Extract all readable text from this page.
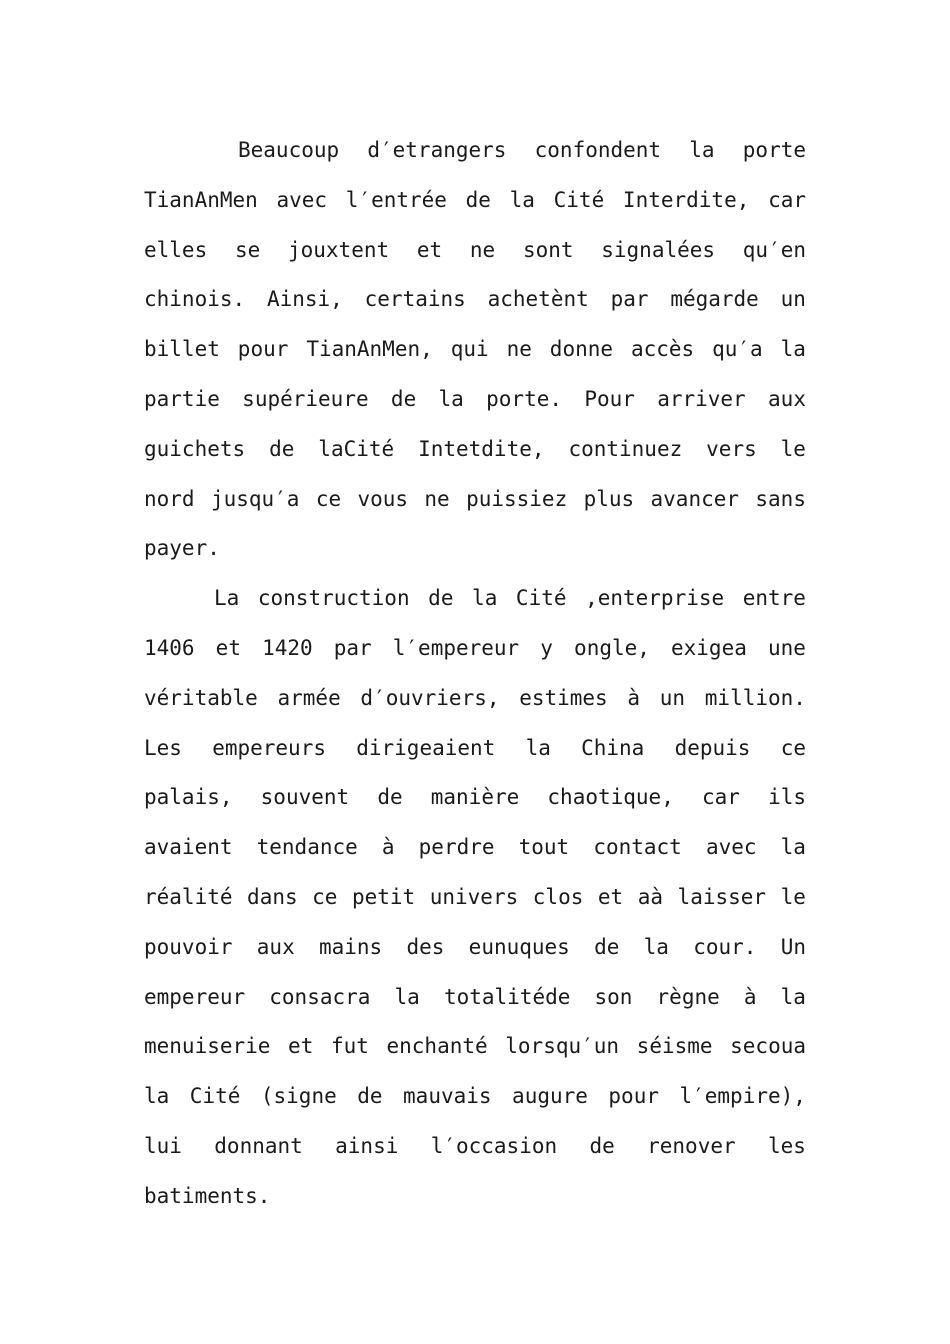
Beaucoup d′etrangers confondent la porte
TianAnMen avec l′entrée de la Cité Interdite, car
elles se jouxtent et ne sont signalées qu′en
chinois. Ainsi, certains achetènt par mégarde un
billet pour TianAnMen, qui ne donne accès qu′a la
partie supérieure de la porte. Pour arriver aux
guichets de laCité Intetdite, continuez vers le
nord jusqu′a ce vous ne puissiez plus avancer sans
payer.
La construction de la Cité ,enterprise entre
1406 et 1420 par l′empereur y ongle, exigea une
véritable armée d′ouvriers, estimes à un million.
Les empereurs dirigeaient la China depuis ce
palais, souvent de manière chaotique, car ils
avaient tendance à perdre tout contact avec la
réalité dans ce petit univers clos et aà laisser le
pouvoir aux mains des eunuques de la cour. Un
empereur consacra la totalitéde son règne à la
menuiserie et fut enchanté lorsqu′un séisme secoua
la Cité (signe de mauvais augure pour l′empire),
lui donnant ainsi l′occasion de renover les
batiments.
